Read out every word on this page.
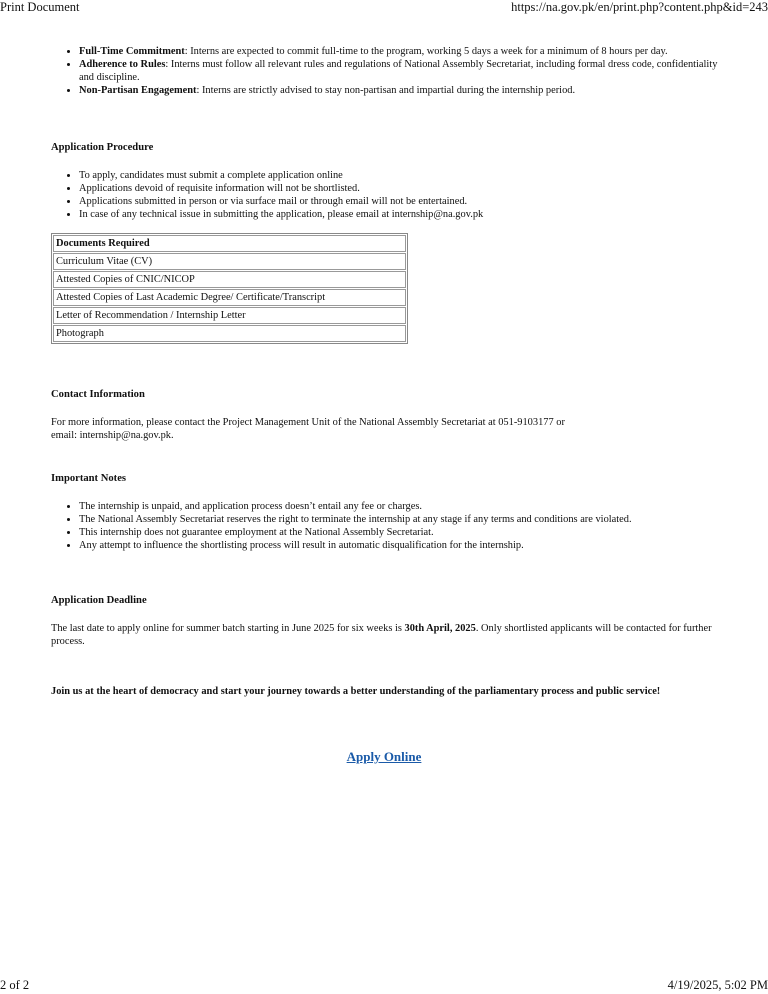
Print Document	https://na.gov.pk/en/print.php?content.php&id=243
• Full-Time Commitment: Interns are expected to commit full-time to the program, working 5 days a week for a minimum of 8 hours per day.
• Adherence to Rules: Interns must follow all relevant rules and regulations of National Assembly Secretariat, including formal dress code, confidentiality and discipline.
• Non-Partisan Engagement: Interns are strictly advised to stay non-partisan and impartial during the internship period.
Application Procedure
• To apply, candidates must submit a complete application online
• Applications devoid of requisite information will not be shortlisted.
• Applications submitted in person or via surface mail or through email will not be entertained.
• In case of any technical issue in submitting the application, please email at internship@na.gov.pk
Documents Required
Curriculum Vitae (CV)
Attested Copies of CNIC/NICOP
Attested Copies of Last Academic Degree/ Certificate/Transcript
Letter of Recommendation / Internship Letter
Photograph
Contact Information

For more information, please contact the Project Management Unit of the National Assembly Secretariat at 051-9103177 or

email: internship@na.gov.pk.

Important Notes
• The internship is unpaid, and application process doesn’t entail any fee or charges.
• The National Assembly Secretariat reserves the right to terminate the internship at any stage if any terms and conditions are violated.
• This internship does not guarantee employment at the National Assembly Secretariat.
• Any attempt to influence the shortlisting process will result in automatic disqualification for the internship.
Application Deadline

The last date to apply online for summer batch starting in June 2025 for six weeks is 30th April, 2025. Only shortlisted applicants will be contacted for further process.

Join us at the heart of democracy and start your journey towards a better understanding of the parliamentary process and public service!
Apply Online
2 of 2	4/19/2025, 5:02 PM
